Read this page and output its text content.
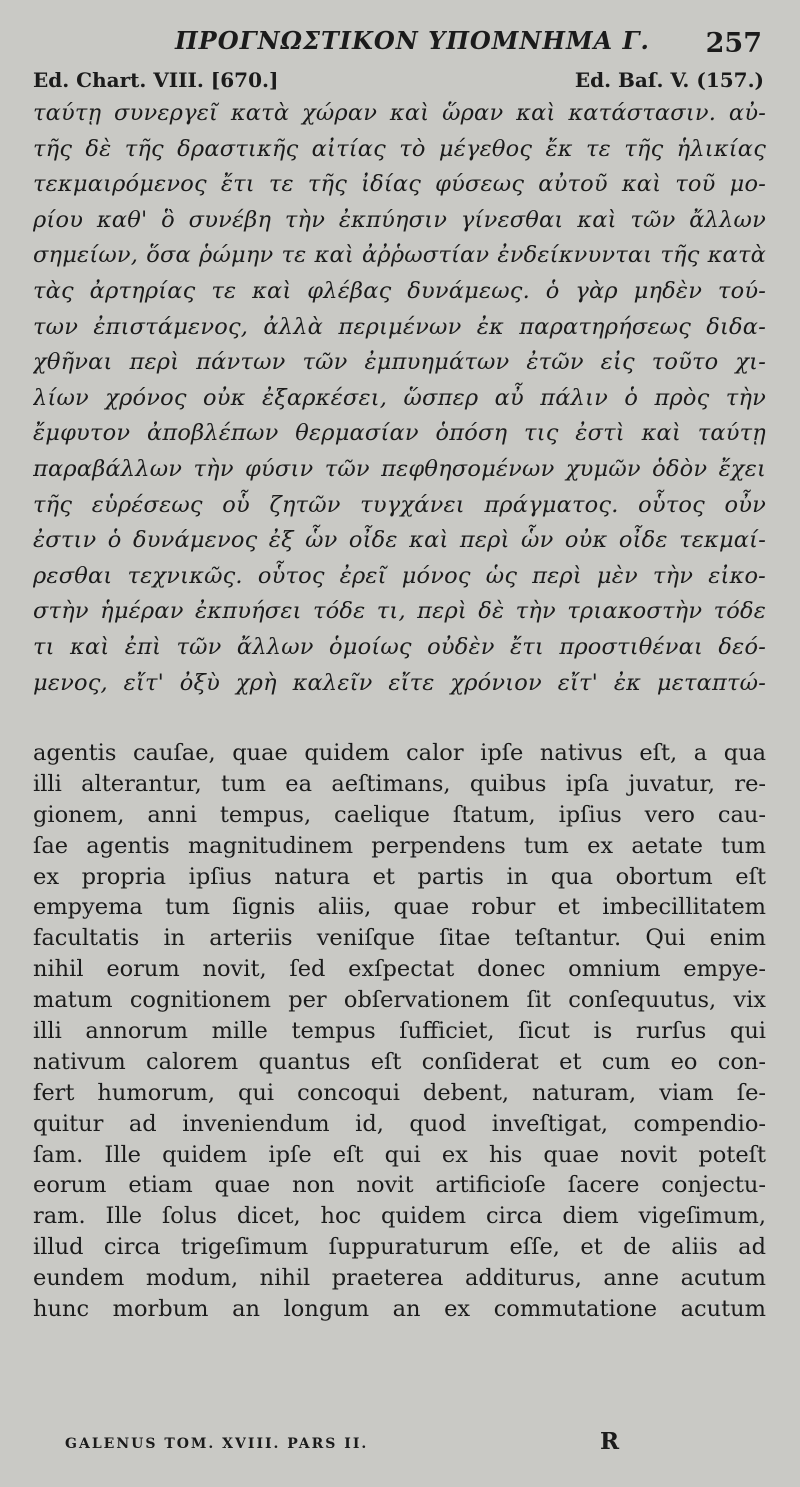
ΠΡΟΓΝΩΣΤΙΚΟΝ ΥΠΟΜΝΗΜΑ Γ. 257
Ed. Chart. VIII. [670.]	Ed. Baſ. V. (157.)
ταύτῃ συνεργεῖ κατὰ χώραν καὶ ὥραν καὶ κατάστασιν. αὐ-
τῆς δὲ τῆς δραστικῆς αἰτίας τὸ μέγεθος ἔκ τε τῆς ἡλικίας
τεκμαιρόμενος ἔτι τε τῆς ἰδίας φύσεως αὐτοῦ καὶ τοῦ μο-
ρίου καθ' ὃ συνέβη τὴν ἐκπύησιν γίνεσθαι καὶ τῶν ἄλλων
σημείων, ὅσα ῥώμην τε καὶ ἀῤῥωστίαν ἐνδείκνυνται τῆς κατὰ
τὰς ἀρτηρίας τε καὶ φλέβας δυνάμεως. ὁ γὰρ μηδὲν τού-
των ἐπιστάμενος, ἀλλὰ περιμένων ἐκ παρατηρήσεως διδα-
χθῆναι περὶ πάντων τῶν ἐμπυημάτων ἐτῶν εἰς τοῦτο χι-
λίων χρόνος οὐκ ἐξαρκέσει, ὥσπερ αὖ πάλιν ὁ πρὸς τὴν
ἔμφυτον ἀποβλέπων θερμασίαν ὁπόση τις ἐστὶ καὶ ταύτῃ
παραβάλλων τὴν φύσιν τῶν πεφθησομένων χυμῶν ὁδὸν ἔχει
τῆς εὑρέσεως οὗ ζητῶν τυγχάνει πράγματος. οὗτος οὖν
ἐστιν ὁ δυνάμενος ἐξ ὧν οἶδε καὶ περὶ ὧν οὐκ οἶδε τεκμαί-
ρεσθαι τεχνικῶς. οὗτος ἐρεῖ μόνος ὡς περὶ μὲν τὴν εἰκο-
στὴν ἡμέραν ἐκπυήσει τόδε τι, περὶ δὲ τὴν τριακοστὴν τόδε
τι καὶ ἐπὶ τῶν ἄλλων ὁμοίως οὐδὲν ἔτι προστιθέναι δεό-
μενος, εἴτ' ὀξὺ χρὴ καλεῖν εἴτε χρόνιον εἴτ' ἐκ μεταπτώ-
agentis cauſae, quae quidem calor ipſe nativus eſt, a qua
illi alterantur, tum ea aeſtimans, quibus ipſa juvatur, re-
gionem, anni tempus, caelique ſtatum, ipſius vero cau-
ſae agentis magnitudinem perpendens tum ex aetate tum
ex propria ipſius natura et partis in qua obortum eſt
empyema tum ſignis aliis, quae robur et imbecillitatem
facultatis in arteriis veniſque ſitae teſtantur. Qui enim
nihil eorum novit, ſed exſpectat donec omnium empye-
matum cognitionem per obſervationem ſit conſequutus, vix
illi annorum mille tempus ſufficiet, ſicut is rurſus qui
nativum calorem quantus eſt conſiderat et cum eo con-
fert humorum, qui concoqui debent, naturam, viam ſe-
quitur ad inveniendum id, quod inveſtigat, compendio-
ſam. Ille quidem ipſe eſt qui ex his quae novit poteſt
eorum etiam quae non novit artificioſe ſacere conjectu-
ram. Ille ſolus dicet, hoc quidem circa diem vigeſimum,
illud circa trigeſimum ſuppuraturum eſſe, et de aliis ad
eundem modum, nihil praeterea additurus, anne acutum
hunc morbum an longum an ex commutatione acutum
GALENUS TOM. XVIII. PARS II.	R
